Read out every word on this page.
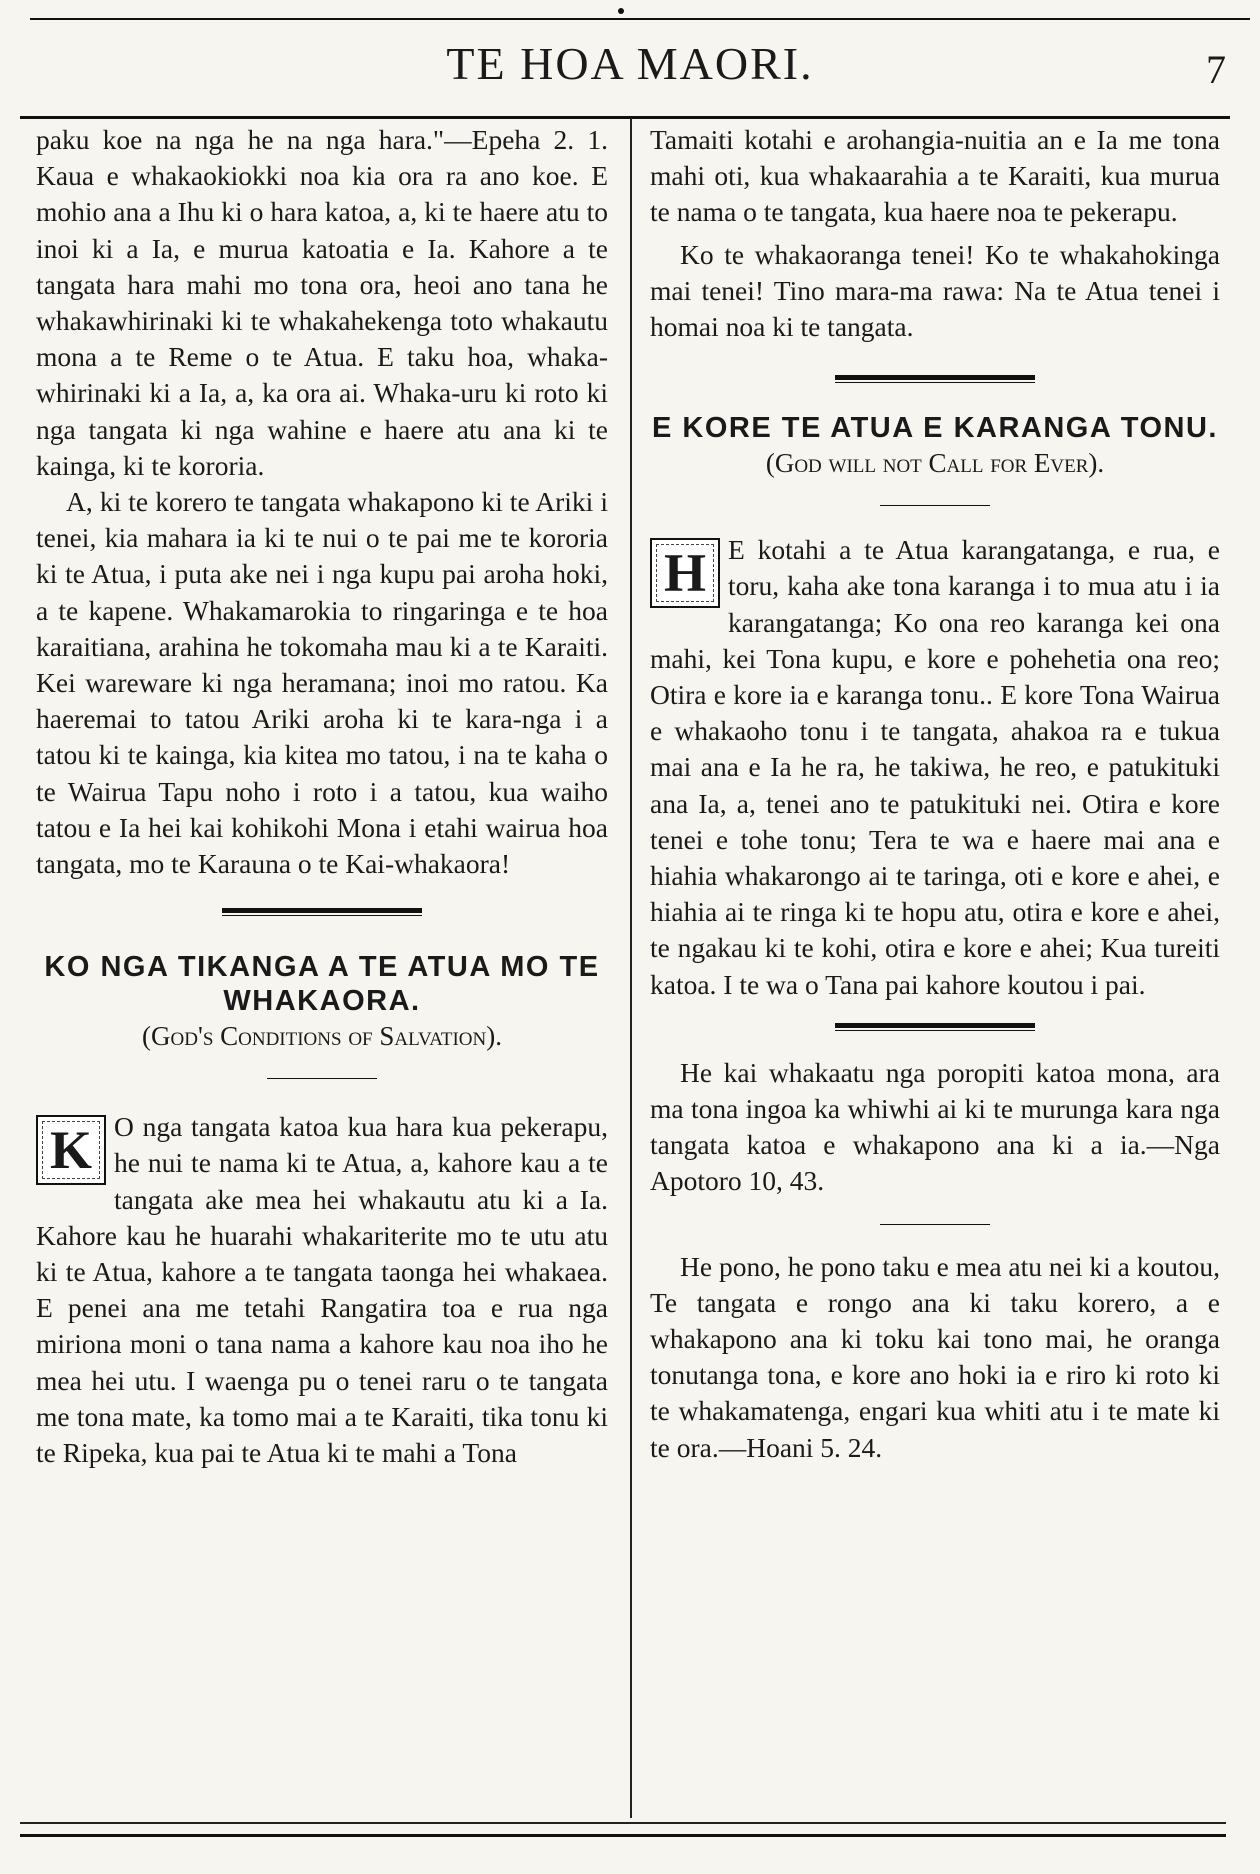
TE HOA MAORI.	7

paku koe na nga he na nga hara."—Epeha 2. 1. Kaua e whakaokiokki noa kia ora ra ano koe. E mohio ana a Ihu ki o hara katoa, a, ki te haere atu to inoi ki a Ia, e murua katoatia e Ia. Kahore a te tangata hara mahi mo tona ora, heoi ano tana he whakawhirinaki ki te whakahekenga toto whakautu mona a te Reme o te Atua. E taku hoa, whaka-whirinaki ki a Ia, a, ka ora ai. Whaka-uru ki roto ki nga tangata ki nga wahine e haere atu ana ki te kainga, ki te kororia.

A, ki te korero te tangata whakapono ki te Ariki i tenei, kia mahara ia ki te nui o te pai me te kororia ki te Atua, i puta ake nei i nga kupu pai aroha hoki, a te kapene. Whakamarokia to ringaringa e te hoa karaitiana, arahina he tokomaha mau ki a te Karaiti. Kei wareware ki nga heramana; inoi mo ratou. Ka haeremai to tatou Ariki aroha ki te kara-nga i a tatou ki te kainga, kia kitea mo tatou, i na te kaha o te Wairua Tapu noho i roto i a tatou, kua waiho tatou e Ia hei kai kohikohi Mona i etahi wairua hoa tangata, mo te Karauna o te Kai-whakaora!

KO NGA TIKANGA A TE ATUA MO TE WHAKAORA.

(God's Conditions of Salvation).

K O nga tangata katoa kua hara kua pekerapu, he nui te nama ki te Atua, a, kahore kau a te tangata ake mea hei whakautu atu ki a Ia. Kahore kau he huarahi whakariterite mo te utu atu ki te Atua, kahore a te tangata taonga hei whakaea. E penei ana me tetahi Rangatira toa e rua nga miriona moni o tana nama a kahore kau noa iho he mea hei utu. I waenga pu o tenei raru o te tangata me tona mate, ka tomo mai a te Karaiti, tika tonu ki te Ripeka, kua pai te Atua ki te mahi a Tona

Tamaiti kotahi e arohangia-nuitia an e Ia me tona mahi oti, kua whakaarahia a te Karaiti, kua murua te nama o te tangata, kua haere noa te pekerapu.

Ko te whakaoranga tenei! Ko te whakahokinga mai tenei! Tino mara-ma rawa: Na te Atua tenei i homai noa ki te tangata.

E KORE TE ATUA E KARANGA TONU.

(God will not Call for Ever).

H E kotahi a te Atua karangatanga, e rua, e toru, kaha ake tona karanga i to mua atu i ia karangatanga; Ko ona reo karanga kei ona mahi, kei Tona kupu, e kore e pohehetia ona reo; Otira e kore ia e karanga tonu.. E kore Tona Wairua e whakaoho tonu i te tangata, ahakoa ra e tukua mai ana e Ia he ra, he takiwa, he reo, e patukituki ana Ia, a, tenei ano te patukituki nei. Otira e kore tenei e tohe tonu; Tera te wa e haere mai ana e hiahia whakarongo ai te taringa, oti e kore e ahei, e hiahia ai te ringa ki te hopu atu, otira e kore e ahei, te ngakau ki te kohi, otira e kore e ahei; Kua tureiti katoa. I te wa o Tana pai kahore koutou i pai.

He kai whakaatu nga poropiti katoa mona, ara ma tona ingoa ka whiwhi ai ki te murunga kara nga tangata katoa e whakapono ana ki a ia.—Nga Apotoro 10, 43.

He pono, he pono taku e mea atu nei ki a koutou, Te tangata e rongo ana ki taku korero, a e whakapono ana ki toku kai tono mai, he oranga tonutanga tona, e kore ano hoki ia e riro ki roto ki te whakamatenga, engari kua whiti atu i te mate ki te ora.—Hoani 5. 24.
